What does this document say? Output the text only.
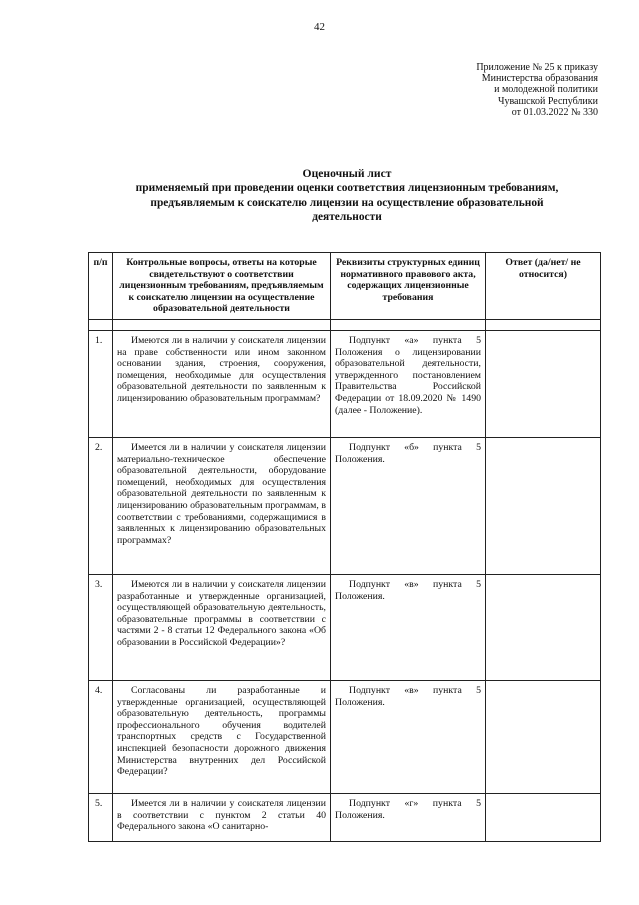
42
Приложение № 25 к приказу
Министерства образования
и молодежной политики
Чувашской Республики
от 01.03.2022 № 330
Оценочный лист
применяемый при проведении оценки соответствия лицензионным требованиям,
предъявляемым к соискателю лицензии на осуществление образовательной
деятельности
п/п	Контрольные вопросы, ответы на которые свидетельствуют о соответствии лицензионным требованиям, предъявляемым к соискателю лицензии на осуществление образовательной деятельности	Реквизиты структурных единиц нормативного правового акта, содержащих лицензионные требования	Ответ (да/нет/ не относится)

1.	Имеются ли в наличии у соискателя лицензии на праве собственности или ином законном основании здания, строения, сооружения, помещения, необходимые для осуществления образовательной деятельности по заявленным к лицензированию образовательным программам?	Подпункт «а» пункта 5 Положения о лицензировании образовательной деятельности, утвержденного постановлением Правительства Российской Федерации от 18.09.2020 № 1490 (далее - Положение).	

2.	Имеется ли в наличии у соискателя лицензии материально-техническое обеспечение образовательной деятельности, оборудование помещений, необходимых для осуществления образовательной деятельности по заявленным к лицензированию образовательным программам, в соответствии с требованиями, содержащимися в заявленных к лицензированию образовательных программах?	Подпункт «б» пункта 5 Положения.	

3.	Имеются ли в наличии у соискателя лицензии разработанные и утвержденные организацией, осуществляющей образовательную деятельность, образовательные программы в соответствии с частями 2 - 8 статьи 12 Федерального закона «Об образовании в Российской Федерации»?	Подпункт «в» пункта 5 Положения.	

4.	Согласованы ли разработанные и утвержденные организацией, осуществляющей образовательную деятельность, программы профессионального обучения водителей транспортных средств с Государственной инспекцией безопасности дорожного движения Министерства внутренних дел Российской Федерации?	Подпункт «в» пункта 5 Положения.	

5.	Имеется ли в наличии у соискателя лицензии в соответствии с пунктом 2 статьи 40 Федерального закона «О санитарно-	Подпункт «г» пункта 5 Положения.	
